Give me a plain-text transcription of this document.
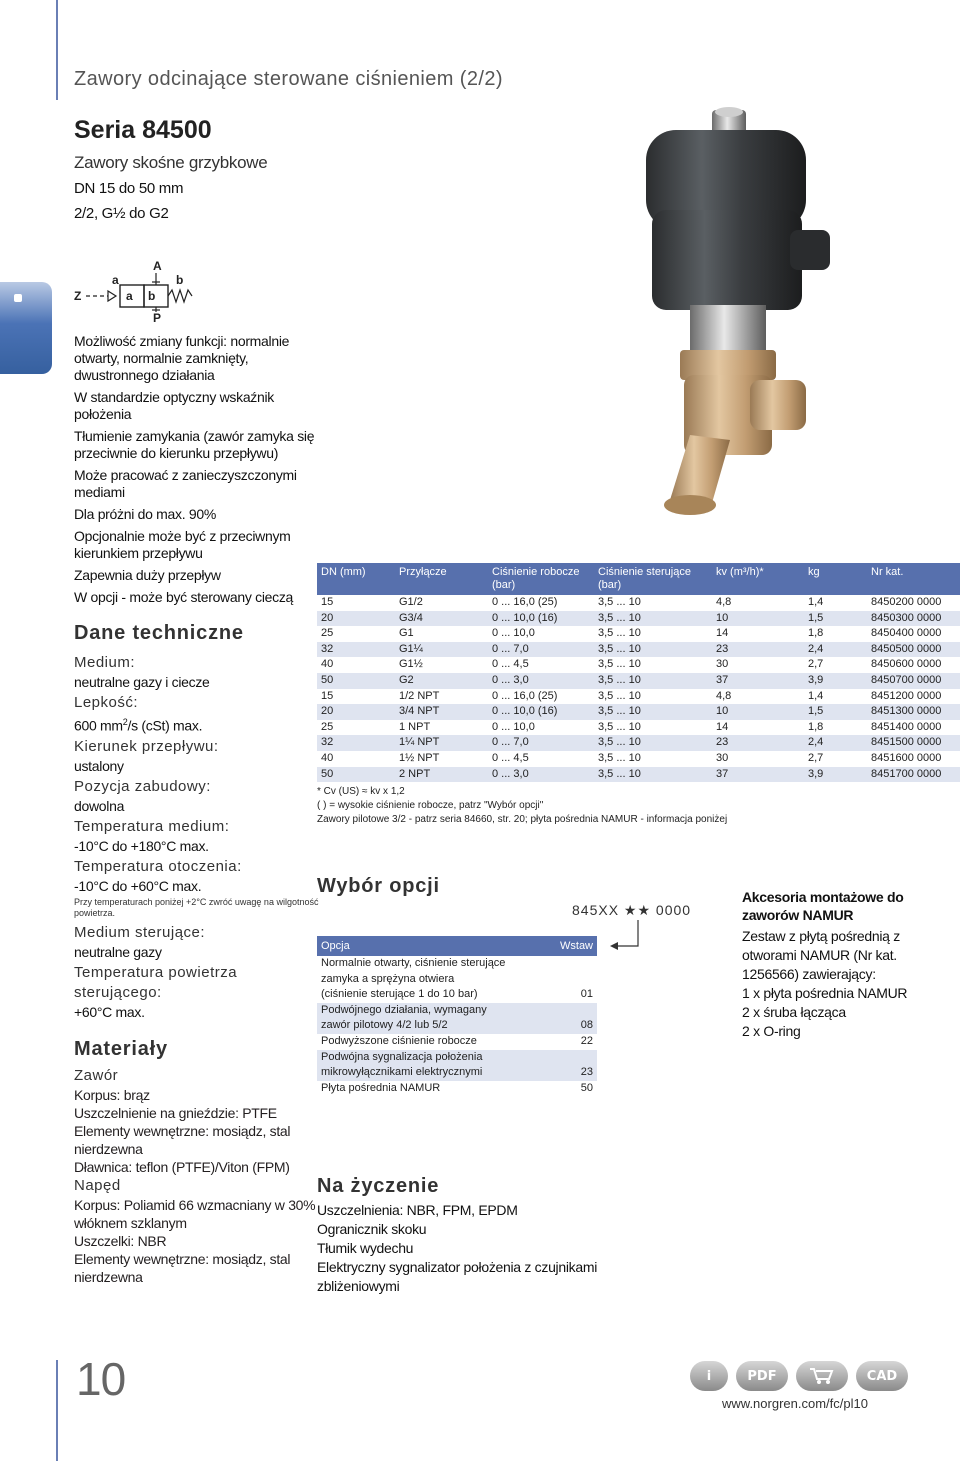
Zawory odcinające sterowane ciśnieniem (2/2)
Seria 84500
Zawory skośne grzybkowe
DN 15 do 50 mm
2/2, G½ do G2
Z
a
a b
b
A
P
Możliwość zmiany funkcji: normalnie otwarty, normalnie zamknięty, dwustronnego działania
W standardzie optyczny wskaźnik położenia
Tłumienie zamykania (zawór zamyka się przeciwnie do kierunku przepływu)
Może pracować z zanieczyszczonymi mediami
Dla próżni do max. 90%
Opcjonalnie może być z przeciwnym kierunkiem przepływu
Zapewnia duży przepływ
W opcji - może być sterowany cieczą
Dane techniczne
Medium:
neutralne gazy i ciecze
Lepkość:
600 $mm^2/s$ (cSt) max.
Kierunek przepływu:
ustalony
Pozycja zabudowy:
dowolna
Temperatura medium:
-10°C do +180°C max.
Temperatura otoczenia:
-10°C do +60°C max.
Przy temperaturach poniżej +2°C zwróć uwagę na wilgotność powietrza.
Medium sterujące:
neutralne gazy
Temperatura powietrza sterującego:
+60°C max.
Materiały
Zawór
Korpus: brąz
Uszczelnienie na gnieździe: PTFE
Elementy wewnętrzne: mosiądz, stal nierdzewna
Dławnica: teflon (PTFE)/Viton (FPM)
Napęd
Korpus: Poliamid 66 wzmacniany w 30% włóknem szklanym
Uszczelki: NBR
Elementy wewnętrzne: mosiądz, stal nierdzewna
DN (mm)	Przyłącze	Ciśnienie robocze (bar)	Ciśnienie sterujące (bar)	kv (m³/h)*	kg	Nr kat.
15	G1/2	0 ... 16,0 (25)	3,5 ... 10	4,8	1,4	8450200 0000
20	G3/4	0 ... 10,0 (16)	3,5 ... 10	10	1,5	8450300 0000
25	G1	0 ... 10,0	3,5 ... 10	14	1,8	8450400 0000
32	G1¼	0 ... 7,0	3,5 ... 10	23	2,4	8450500 0000
40	G1½	0 ... 4,5	3,5 ... 10	30	2,7	8450600 0000
50	G2	0 ... 3,0	3,5 ... 10	37	3,9	8450700 0000
15	1/2 NPT	0 ... 16,0 (25)	3,5 ... 10	4,8	1,4	8451200 0000
20	3/4 NPT	0 ... 10,0 (16)	3,5 ... 10	10	1,5	8451300 0000
25	1 NPT	0 ... 10,0	3,5 ... 10	14	1,8	8451400 0000
32	1¼ NPT	0 ... 7,0	3,5 ... 10	23	2,4	8451500 0000
40	1½ NPT	0 ... 4,5	3,5 ... 10	30	2,7	8451600 0000
50	2 NPT	0 ... 3,0	3,5 ... 10	37	3,9	8451700 0000
* Cv (US) ≈ kv x 1,2
( ) = wysokie ciśnienie robocze, patrz "Wybór opcji"
Zawory pilotowe 3/2 - patrz seria 84660, str. 20; płyta pośrednia NAMUR - informacja poniżej
Wybór opcji
845XX ★★ 0000
Opcja	Wstaw
Normalnie otwarty, ciśnienie sterujące	
zamyka a sprężyna otwiera	
(ciśnienie sterujące 1 do 10 bar)	01
Podwójnego działania, wymagany	
zawór pilotowy 4/2 lub 5/2	08
Podwyższone ciśnienie robocze	22
Podwójna sygnalizacja położenia	
mikrowyłącznikami elektrycznymi	23
Płyta pośrednia NAMUR	50
Akcesoria montażowe do zaworów NAMUR
Zestaw z płytą pośrednią z otworami NAMUR (Nr kat. 1256566) zawierający:
1 x płyta pośrednia NAMUR
2 x śruba łącząca
2 x O-ring
Na życzenie
Uszczelnienia: NBR, FPM, EPDM
Ogranicznik skoku
Tłumik wydechu
Elektryczny sygnalizator położenia z czujnikami zbliżeniowymi
10	i	PDF	CAD
www.norgren.com/fc/pl10
